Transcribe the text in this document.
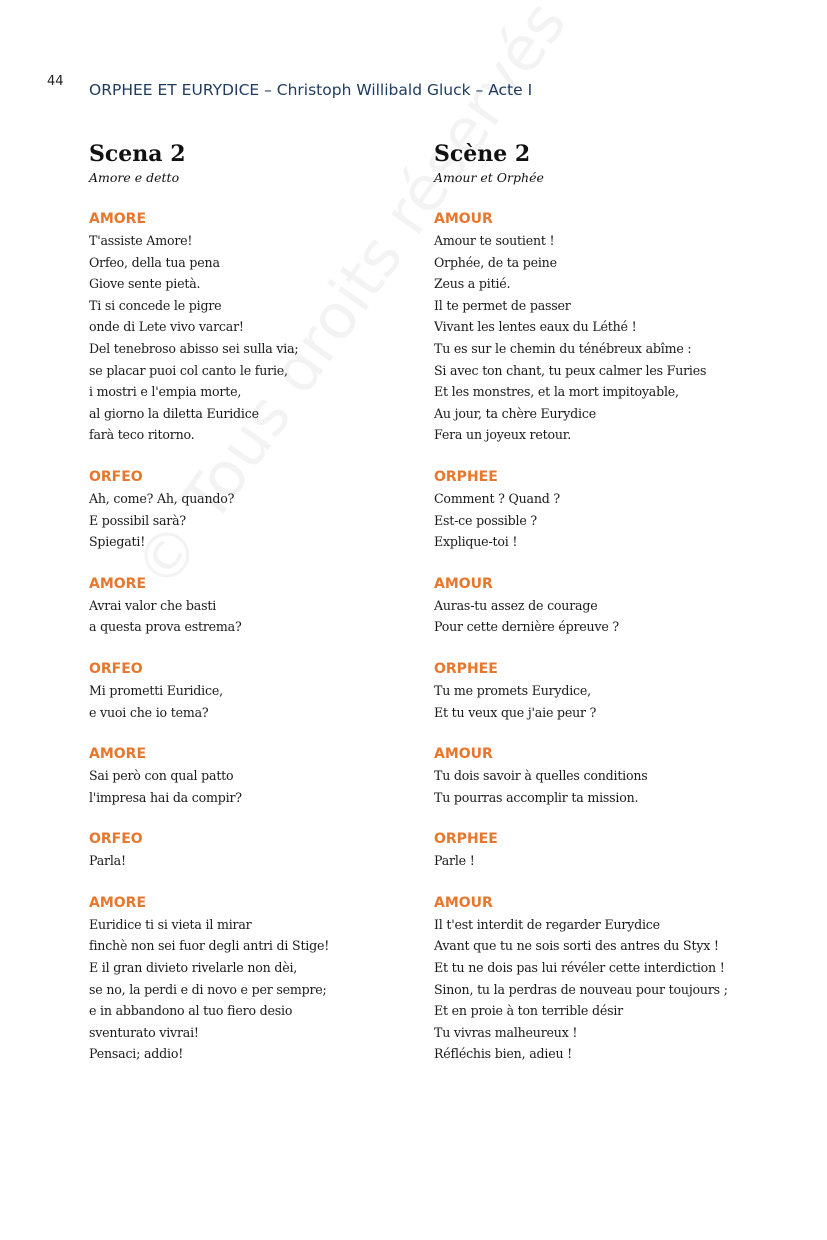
44 ORPHEE ET EURYDICE – Christoph Willibald Gluck – Acte I
Scena 2
Amore e detto
AMORE
T'assiste Amore!
Orfeo, della tua pena
Giove sente pietà.
Ti si concede le pigre
onde di Lete vivo varcar!
Del tenebroso abisso sei sulla via;
se placar puoi col canto le furie,
i mostri e l'empia morte,
al giorno la diletta Euridice
farà teco ritorno.
ORFEO
Ah, come? Ah, quando?
E possibil sarà?
Spiegati!
AMORE
Avrai valor che basti
a questa prova estrema?
ORFEO
Mi prometti Euridice,
e vuoi che io tema?
AMORE
Sai però con qual patto
l'impresa hai da compir?
ORFEO
Parla!
AMORE
Euridice ti si vieta il mirar
finchè non sei fuor degli antri di Stige!
E il gran divieto rivelarle non dèi,
se no, la perdi e di novo e per sempre;
e in abbandono al tuo fiero desio
sventurato vivrai!
Pensaci; addio!
Scène 2
Amour et Orphée
AMOUR
Amour te soutient !
Orphée, de ta peine
Zeus a pitié.
Il te permet de passer
Vivant les lentes eaux du Léthé !
Tu es sur le chemin du ténébreux abîme :
Si avec ton chant, tu peux calmer les Furies
Et les monstres, et la mort impitoyable,
Au jour, ta chère Eurydice
Fera un joyeux retour.
ORPHEE
Comment ? Quand ?
Est-ce possible ?
Explique-toi !
AMOUR
Auras-tu assez de courage
Pour cette dernière épreuve ?
ORPHEE
Tu me promets Eurydice,
Et tu veux que j'aie peur ?
AMOUR
Tu dois savoir à quelles conditions
Tu pourras accomplir ta mission.
ORPHEE
Parle !
AMOUR
Il t'est interdit de regarder Eurydice
Avant que tu ne sois sorti des antres du Styx !
Et tu ne dois pas lui révéler cette interdiction !
Sinon, tu la perdras de nouveau pour toujours ;
Et en proie à ton terrible désir
Tu vivras malheureux !
Réfléchis bien, adieu !
